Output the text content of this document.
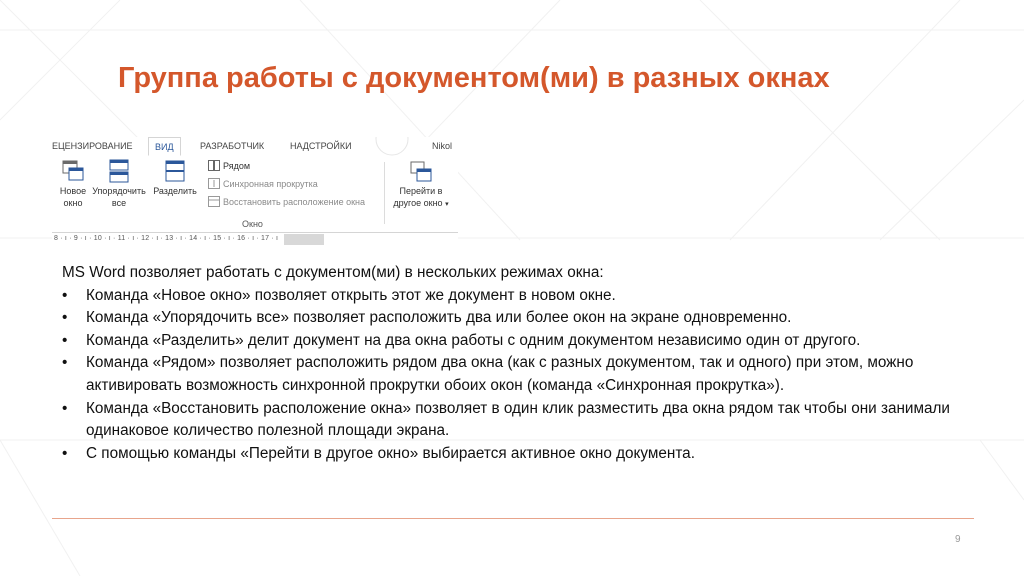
Группа работы с документом(ми) в разных окнах
ЕЦЕНЗИРОВАНИЕ	ВИД	РАЗРАБОТЧИК	НАДСТРОЙКИ	Nikol
Новое окно
Упорядочить все
Разделить
Рядом
Синхронная прокрутка
Восстановить расположение окна
Перейти в другое окно ▾
Окно
8 · ı · 9 · ı · 10 · ı · 11 · ı · 12 · ı · 13 · ı · 14 · ı · 15 · ı · 16 · ı · 17 · ı

MS Word позволяет работать с документом(ми) в нескольких режимах окна:

• Команда «Новое окно» позволяет открыть этот же документ в новом окне.
• Команда «Упорядочить все» позволяет расположить два или более окон на экране одновременно.
• Команда «Разделить» делит документ на два окна работы с одним документом независимо один от другого.
• Команда «Рядом» позволяет расположить рядом два окна (как с разных документом, так и одного) при этом, можно активировать возможность синхронной прокрутки обоих окон (команда «Синхронная прокрутка»).
• Команда «Восстановить расположение окна» позволяет в один клик разместить два окна рядом так чтобы они занимали одинаковое количество полезной площади экрана.
• С помощью команды «Перейти в другое окно» выбирается активное окно документа.
9
